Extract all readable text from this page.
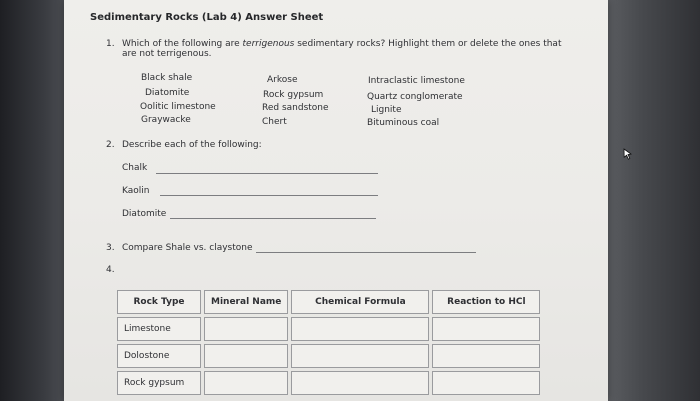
Sedimentary Rocks (Lab 4) Answer Sheet
1. Which of the following are terrigenous sedimentary rocks? Highlight them or delete the ones that
are not terrigenous.
Black shale
Diatomite
Oolitic limestone
Graywacke
Arkose
Rock gypsum
Red sandstone
Chert
Intraclastic limestone
Quartz conglomerate
Lignite
Bituminous coal
2. Describe each of the following:
Chalk
Kaolin
Diatomite
3. Compare Shale vs. claystone
4.
Rock Type	Mineral Name	Chemical Formula	Reaction to HCl
Limestone			
Dolostone			
Rock gypsum			
